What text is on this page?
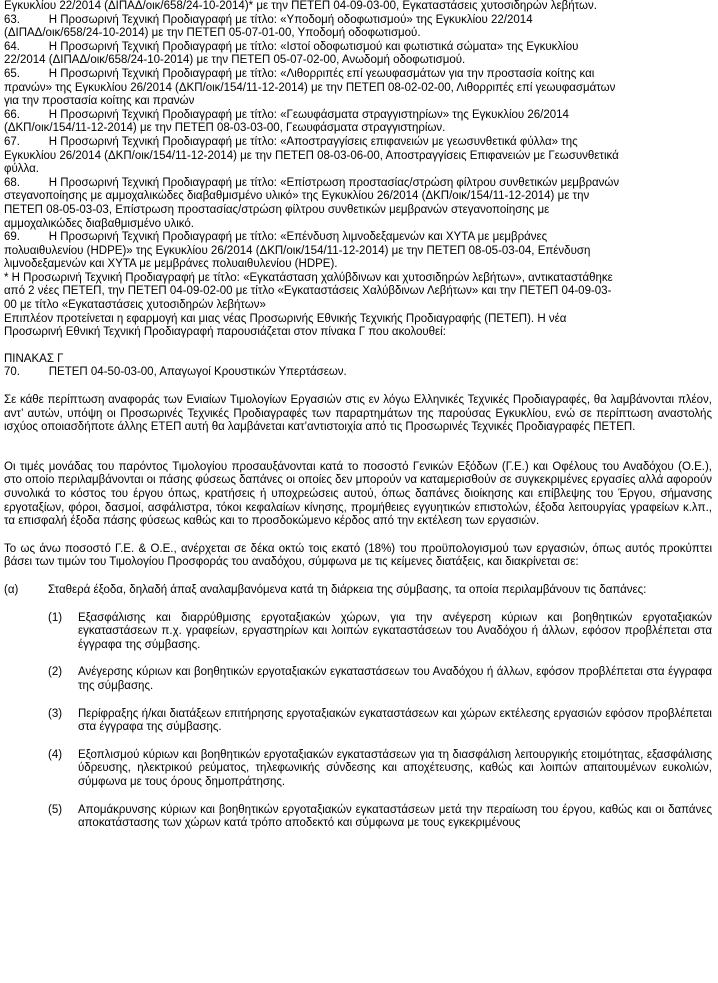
Εγκυκλίου 22/2014 (ΔΙΠΑΔ/οικ/658/24-10-2014)* με την ΠΕΤΕΠ 04-09-03-00, Εγκαταστάσεις χυτοσιδηρών λεβήτων.

63.         Η Προσωρινή Τεχνική Προδιαγραφή με τίτλο: «Υποδομή οδοφωτισμού» της Εγκυκλίου 22/2014

(ΔΙΠΑΔ/οικ/658/24-10-2014) με την ΠΕΤΕΠ 05-07-01-00, Υποδομή οδοφωτισμού.

64.         Η Προσωρινή Τεχνική Προδιαγραφή με τίτλο: «Ιστοί οδοφωτισμού και φωτιστικά σώματα» της Εγκυκλίου

22/2014 (ΔΙΠΑΔ/οικ/658/24-10-2014) με την ΠΕΤΕΠ 05-07-02-00, Ανωδομή οδοφωτισμού.

65.         Η Προσωρινή Τεχνική Προδιαγραφή με τίτλο: «Λιθορριπές επί γεωυφασμάτων για την προστασία κοίτης και

πρανών» της Εγκυκλίου 26/2014 (ΔΚΠ/οικ/154/11-12-2014) με την ΠΕΤΕΠ 08-02-02-00, Λιθορριπές επί γεωυφασμάτων

για την προστασία κοίτης και πρανών

66.         Η Προσωρινή Τεχνική Προδιαγραφή με τίτλο: «Γεωυφάσματα στραγγιστηρίων» της Εγκυκλίου 26/2014

(ΔΚΠ/οικ/154/11-12-2014) με την ΠΕΤΕΠ 08-03-03-00, Γεωυφάσματα στραγγιστηρίων.

67.         Η Προσωρινή Τεχνική Προδιαγραφή με τίτλο: «Αποστραγγίσεις επιφανειών με γεωσυνθετικά φύλλα» της

Εγκυκλίου 26/2014 (ΔΚΠ/οικ/154/11-12-2014) με την ΠΕΤΕΠ 08-03-06-00, Αποστραγγίσεις Επιφανειών με Γεωσυνθετικά

φύλλα.

68.         Η Προσωρινή Τεχνική Προδιαγραφή με τίτλο: «Επίστρωση προστασίας/στρώση φίλτρου συνθετικών μεμβρανών

στεγανοποίησης με αμμοχαλικώδες διαβαθμισμένο υλικό» της Εγκυκλίου 26/2014 (ΔΚΠ/οικ/154/11-12-2014) με την

ΠΕΤΕΠ 08-05-03-03, Επίστρωση προστασίας/στρώση φίλτρου συνθετικών μεμβρανών στεγανοποίησης με

αμμοχαλικώδες διαβαθμισμένο υλικό.

69.         Η Προσωρινή Τεχνική Προδιαγραφή με τίτλο: «Επένδυση λιμνοδεξαμενών και ΧΥΤΑ με μεμβράνες

πολυαιθυλενίου (HDPE)» της Εγκυκλίου 26/2014 (ΔΚΠ/οικ/154/11-12-2014) με την ΠΕΤΕΠ 08-05-03-04, Επένδυση

λιμνοδεξαμενών και ΧΥΤΑ με μεμβράνες πολυαιθυλενίου (HDPE).

* Η Προσωρινή Τεχνική Προδιαγραφή με τίτλο: «Εγκατάσταση χαλύβδινων και χυτοσιδηρών λεβήτων», αντικαταστάθηκε

από 2 νέες ΠΕΤΕΠ, την ΠΕΤΕΠ 04-09-02-00 με τίτλο «Εγκαταστάσεις Χαλύβδινων Λεβήτων» και την ΠΕΤΕΠ 04-09-03-

00 με τίτλο «Εγκαταστάσεις χυτοσιδηρών λεβήτων»

Επιπλέον προτείνεται η εφαρμογή και μιας νέας Προσωρινής Εθνικής Τεχνικής Προδιαγραφής (ΠΕΤΕΠ). Η νέα

Προσωρινή Εθνική Τεχνική Προδιαγραφή παρουσιάζεται στον πίνακα Γ που ακολουθεί:

ΠΙΝΑΚΑΣ Γ

70.         ΠΕΤΕΠ 04-50-03-00, Απαγωγοί Κρουστικών Υπερτάσεων.

Σε κάθε περίπτωση αναφοράς των Ενιαίων Τιμολογίων Εργασιών στις εν λόγω Ελληνικές Τεχνικές Προδιαγραφές, θα λαμβάνονται πλέον, αντ’ αυτών, υπόψη οι Προσωρινές Τεχνικές Προδιαγραφές των παραρτημάτων της παρούσας Εγκυκλίου, ενώ σε περίπτωση αναστολής ισχύος οποιασδήποτε άλλης ΕΤΕΠ αυτή θα λαμβάνεται κατ’αντιστοιχία από τις Προσωρινές Τεχνικές Προδιαγραφές ΠΕΤΕΠ.

Οι τιμές μονάδας του παρόντος Τιμολογίου προσαυξάνονται κατά το ποσοστό Γενικών Εξόδων (Γ.Ε.) και Οφέλους του Αναδόχου (Ο.Ε.), στο οποίο περιλαμβάνονται οι πάσης φύσεως δαπάνες οι οποίες δεν μπορούν να καταμερισθούν σε συγκεκριμένες εργασίες αλλά αφορούν συνολικά το κόστος του έργου όπως, κρατήσεις ή υποχρεώσεις αυτού, όπως δαπάνες διοίκησης και επίβλεψης του Έργου, σήμανσης εργοταξίων, φόροι, δασμοί, ασφάλιστρα, τόκοι κεφαλαίων κίνησης, προμήθειες εγγυητικών επιστολών, έξοδα λειτουργίας γραφείων κ.λπ., τα επισφαλή έξοδα πάσης φύσεως καθώς και το προσδοκώμενο κέρδος από την εκτέλεση των εργασιών.

Το ως άνω ποσοστό Γ.Ε. & Ο.Ε., ανέρχεται σε δέκα οκτώ τοις εκατό (18%) του προϋπολογισμού των εργασιών, όπως αυτός προκύπτει βάσει των τιμών του Τιμολογίου Προσφοράς του αναδόχου, σύμφωνα με τις κείμενες διατάξεις, και διακρίνεται σε:

(α)	Σταθερά έξοδα, δηλαδή άπαξ αναλαμβανόμενα κατά τη διάρκεια της σύμβασης, τα οποία περιλαμβάνουν τις δαπάνες:

(1)	Εξασφάλισης και διαρρύθμισης εργοταξιακών χώρων, για την ανέγερση κύριων και βοηθητικών εργοταξιακών εγκαταστάσεων π.χ. γραφείων, εργαστηρίων και λοιπών εγκαταστάσεων του Αναδόχου ή άλλων, εφόσον προβλέπεται στα έγγραφα της σύμβασης.

(2)	Ανέγερσης κύριων και βοηθητικών εργοταξιακών εγκαταστάσεων του Αναδόχου ή άλλων, εφόσον προβλέπεται στα έγγραφα της σύμβασης.

(3)	Περίφραξης ή/και διατάξεων επιτήρησης εργοταξιακών εγκαταστάσεων και χώρων εκτέλεσης εργασιών εφόσον προβλέπεται στα έγγραφα της σύμβασης.

(4)	Εξοπλισμού κύριων και βοηθητικών εργοταξιακών εγκαταστάσεων για τη διασφάλιση λειτουργικής ετοιμότητας, εξασφάλισης ύδρευσης, ηλεκτρικού ρεύματος, τηλεφωνικής σύνδεσης και αποχέτευσης, καθώς και λοιπών απαιτουμένων ευκολιών, σύμφωνα με τους όρους δημοπράτησης.

(5)	Απομάκρυνσης κύριων και βοηθητικών εργοταξιακών εγκαταστάσεων μετά την περαίωση του έργου, καθώς και οι δαπάνες αποκατάστασης των χώρων κατά τρόπο αποδεκτό και σύμφωνα με τους εγκεκριμένους
